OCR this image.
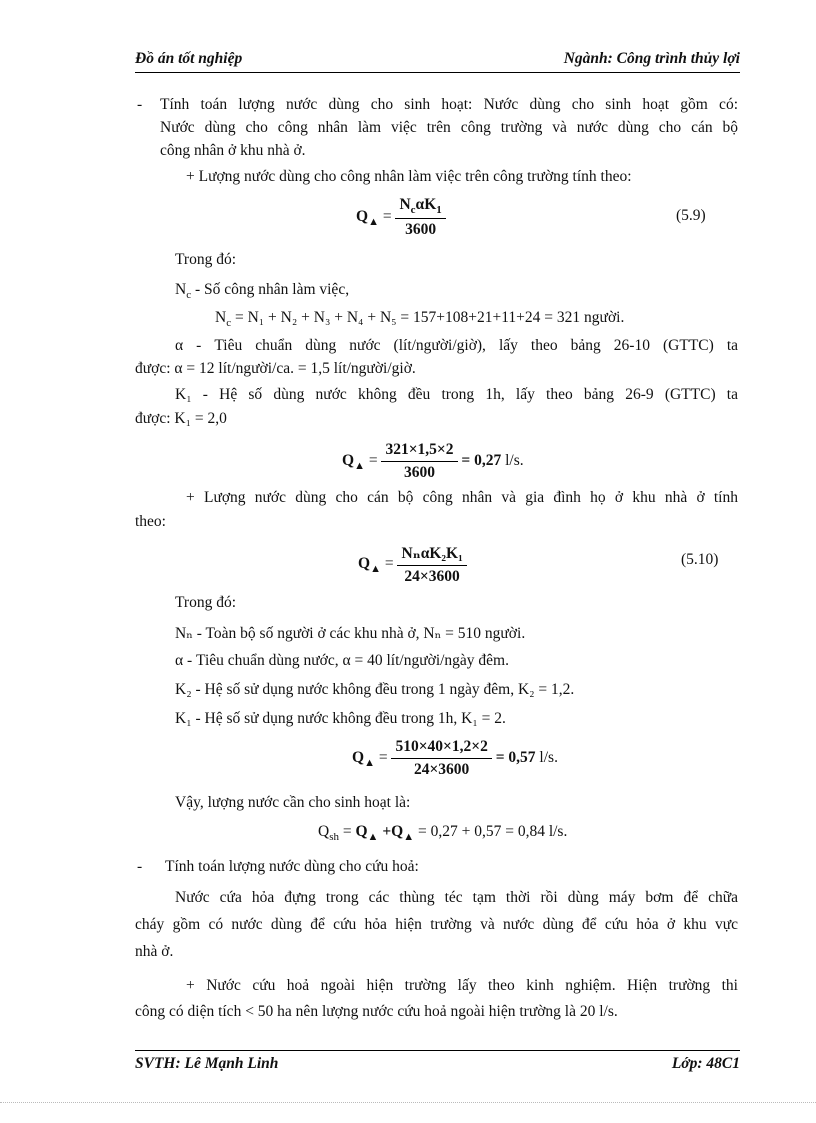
Đồ án tốt nghiệp	Ngành: Công trình thủy lợi
- Tính toán lượng nước dùng cho sinh hoạt: Nước dùng cho sinh hoạt gồm có:
Nước dùng cho công nhân làm việc trên công trường và nước dùng cho cán bộ
công nhân ở khu nhà ở.
+ Lượng nước dùng cho công nhân làm việc trên công trường tính theo:
$Q_▲ = \frac{N_c\alpha K_1}{3600}$	(5.9)
Trong đó:
$N_c$ - Số công nhân làm việc,
$N_c = N_1 + N_2 + N_3 + N_4 + N_5 = 157+108+21+11+24 = 321$ người.
α - Tiêu chuẩn dùng nước (lít/người/giờ), lấy theo bảng 26-10 (GTTC) ta
được: α = 12 lít/người/ca. = 1,5 lít/người/giờ.
K₁ - Hệ số dùng nước không đều trong 1h, lấy theo bảng 26-9 (GTTC) ta
được: K₁ = 2,0
$Q_▲ = \frac{321\times 1,5\times 2}{3600} = 0,27$ l/s.
+ Lượng nước dùng cho cán bộ công nhân và gia đình họ ở khu nhà ở tính
theo:
$Q_▲ = \frac{\text{NₙαK₂K₁}}{24\times 3600}$	(5.10)
Trong đó:
Nₙ - Toàn bộ số người ở các khu nhà ở, Nₙ = 510 người.
α - Tiêu chuẩn dùng nước, α = 40 lít/người/ngày đêm.
K₂ - Hệ số sử dụng nước không đều trong 1 ngày đêm, K₂ = 1,2.
K₁ - Hệ số sử dụng nước không đều trong 1h, K₁ = 2.
$Q_▲ = \frac{510\times 40\times 1,2\times 2}{24\times 3600} = 0,57$ l/s.
Vậy, lượng nước cần cho sinh hoạt là:
$Q_{sh} = Q_▲ +Q_▲ = 0,27 + 0,57 = 0,84$ l/s.
- Tính toán lượng nước dùng cho cứu hoả:
Nước cứa hỏa đựng trong các thùng téc tạm thời rồi dùng máy bơm để chữa
cháy gồm có nước dùng để cứu hỏa hiện trường và nước dùng để cứu hỏa ở khu vực
nhà ở.
+ Nước cứu hoả ngoài hiện trường lấy theo kinh nghiệm. Hiện trường thi
công có diện tích < 50 ha nên lượng nước cứu hoả ngoài hiện trường là 20 l/s.
SVTH: Lê Mạnh Linh	Lớp: 48C1
